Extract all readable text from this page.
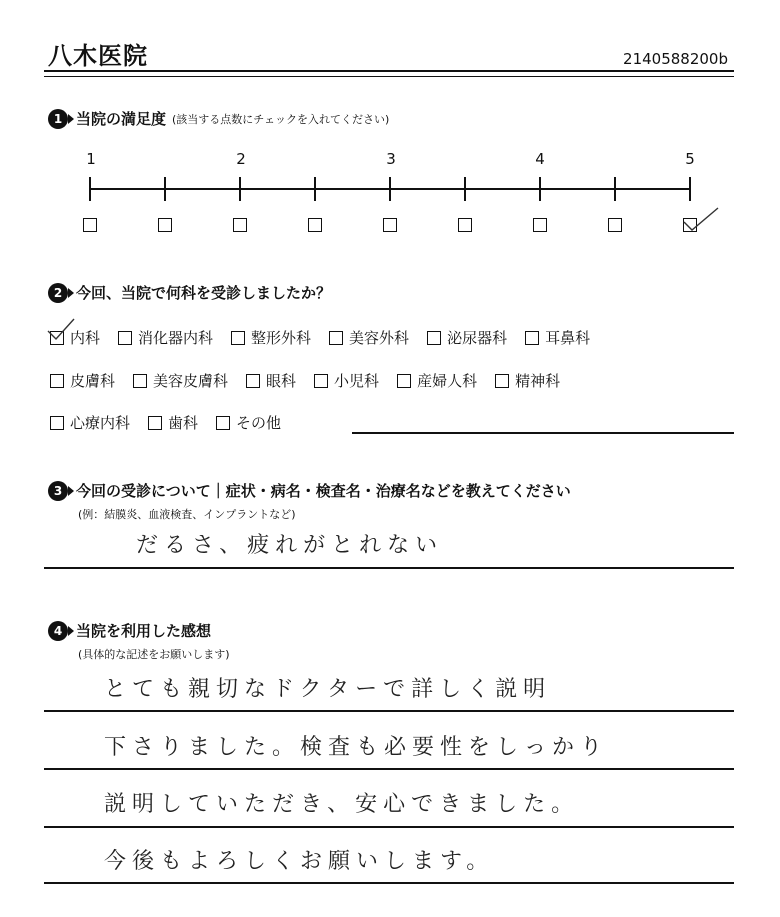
八木医院	2140588200b
1 当院の満足度 (該当する点数にチェックを入れてください)
1	2	3	4	5
2 今回、当院で何科を受診しましたか？
内科	消化器内科	整形外科	美容外科	泌尿器科	耳鼻科
皮膚科	美容皮膚科	眼科	小児科	産婦人科	精神科
心療内科	歯科	その他
3 今回の受診について｜症状・病名・検査名・治療名などを教えてください
(例：結膜炎、血液検査、インプラントなど)
だるさ、疲れがとれない
4 当院を利用した感想
(具体的な記述をお願いします)
とても親切なドクターで詳しく説明
下さりました。検査も必要性をしっかり
説明していただき、安心できました。
今後もよろしくお願いします。
